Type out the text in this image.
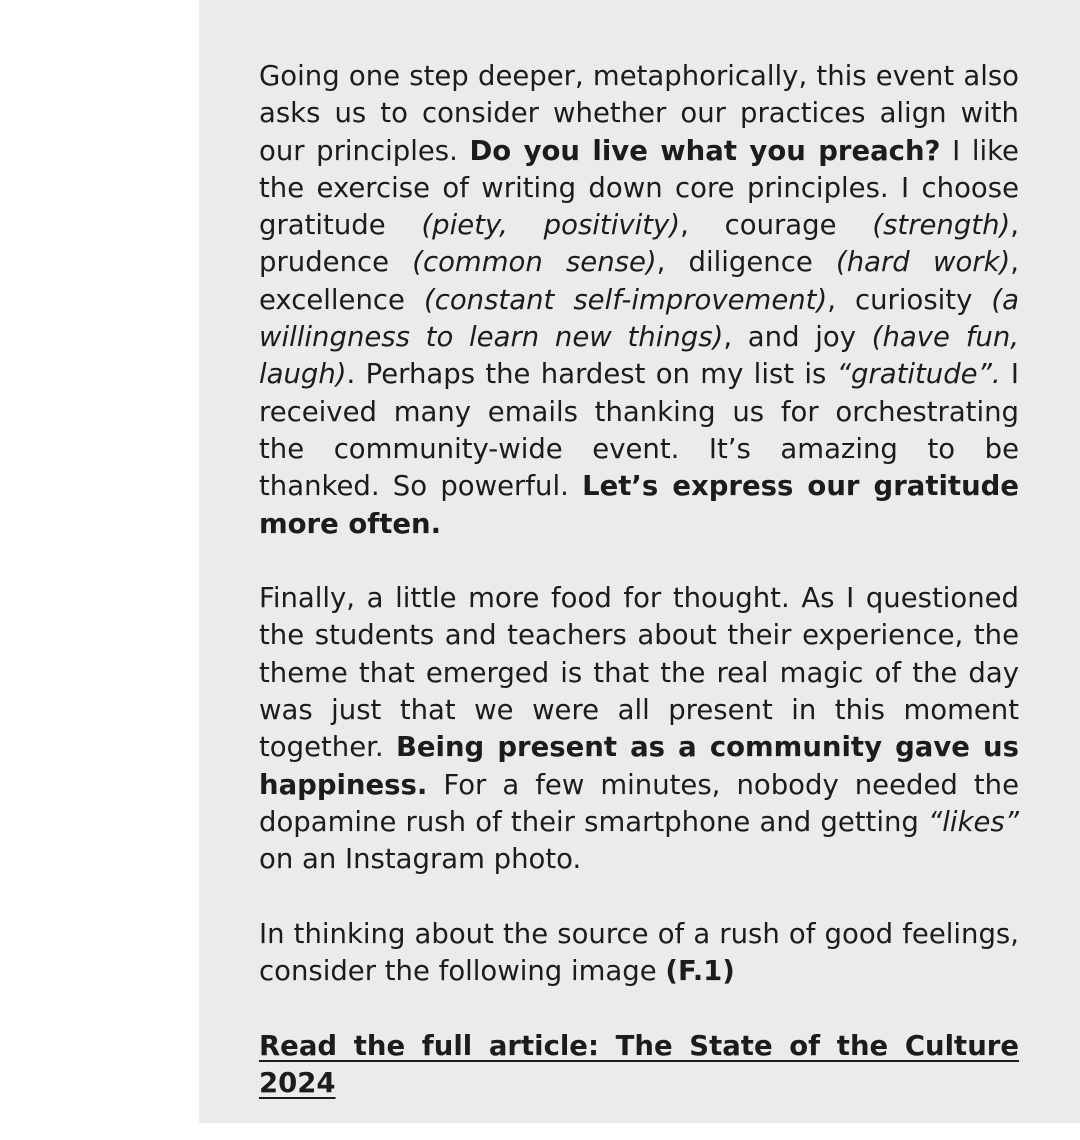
Going one step deeper, metaphorically, this event also asks us to consider whether our practices align with our principles. Do you live what you preach? I like the exercise of writing down core principles. I choose gratitude (piety, positivity), courage (strength), prudence (common sense), diligence (hard work), excellence (constant self-improvement), curiosity (a willingness to learn new things), and joy (have fun, laugh). Perhaps the hardest on my list is “gratitude”. I received many emails thanking us for orchestrating the community-wide event. It’s amazing to be thanked. So powerful. Let’s express our gratitude more often.

Finally, a little more food for thought. As I questioned the students and teachers about their experience, the theme that emerged is that the real magic of the day was just that we were all present in this moment together. Being present as a community gave us happiness. For a few minutes, nobody needed the dopamine rush of their smartphone and getting “likes” on an Instagram photo.

In thinking about the source of a rush of good feelings, consider the following image (F.1)

Read the full article: The State of the Culture 2024
